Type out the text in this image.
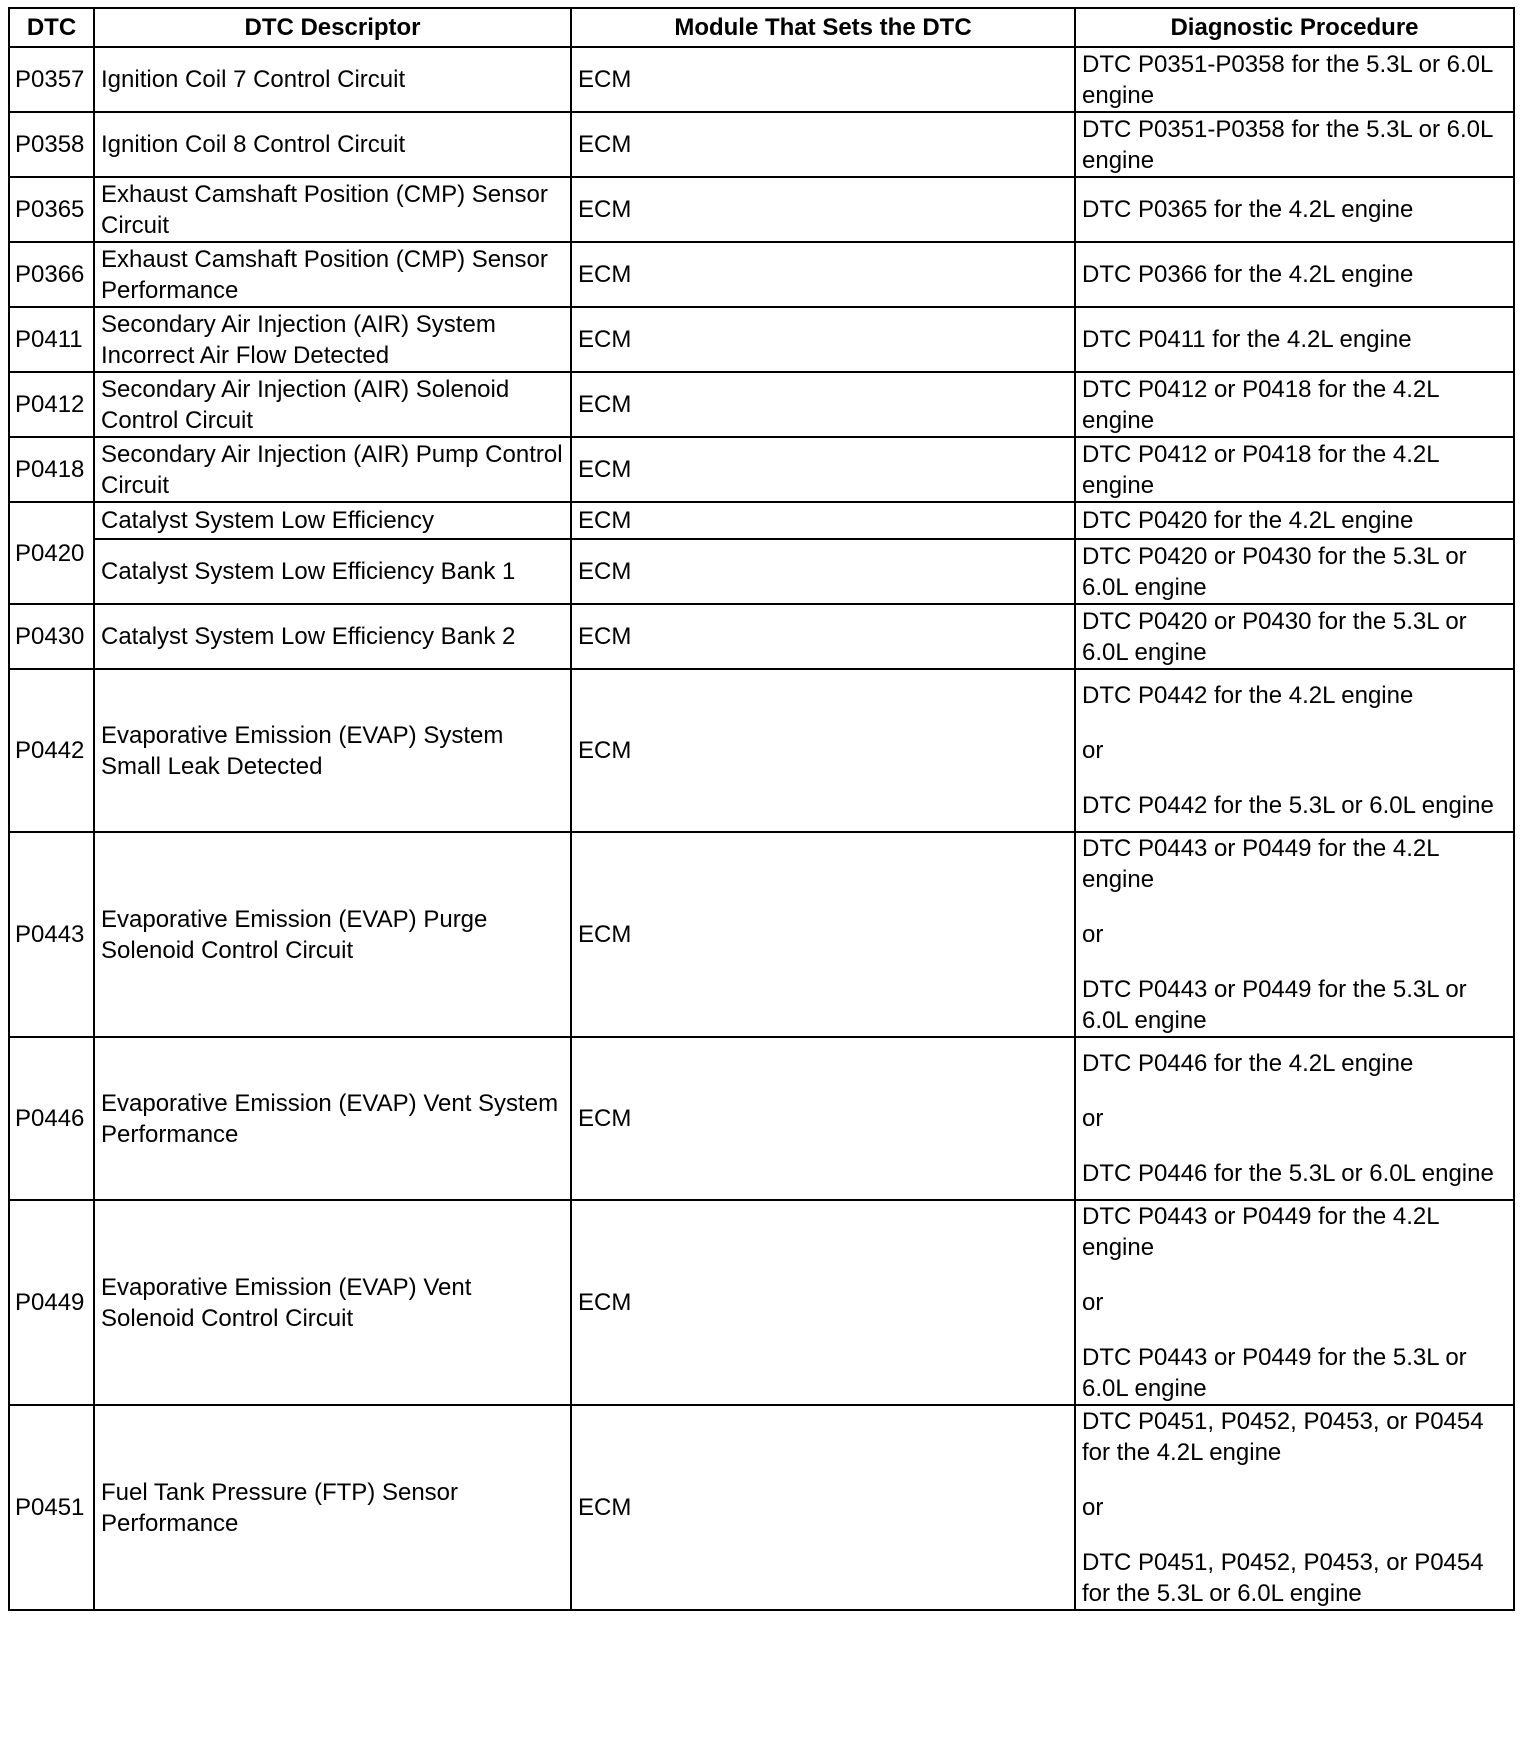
DTC	DTC Descriptor	Module That Sets the DTC	Diagnostic Procedure
P0357	Ignition Coil 7 Control Circuit	ECM	DTC P0351-P0358 for the 5.3L or 6.0L engine

P0358	Ignition Coil 8 Control Circuit	ECM	DTC P0351-P0358 for the 5.3L or 6.0L engine

P0365	Exhaust Camshaft Position (CMP) Sensor Circuit	ECM	DTC P0365 for the 4.2L engine

P0366	Exhaust Camshaft Position (CMP) Sensor Performance	ECM	DTC P0366 for the 4.2L engine

P0411	Secondary Air Injection (AIR) System Incorrect Air Flow Detected	ECM	DTC P0411 for the 4.2L engine

P0412	Secondary Air Injection (AIR) Solenoid Control Circuit	ECM	DTC P0412 or P0418 for the 4.2L engine

P0418	Secondary Air Injection (AIR) Pump Control Circuit	ECM	DTC P0412 or P0418 for the 4.2L engine

P0420	Catalyst System Low Efficiency	ECM	DTC P0420 for the 4.2L engine

	Catalyst System Low Efficiency Bank 1	ECM	DTC P0420 or P0430 for the 5.3L or 6.0L engine

P0430	Catalyst System Low Efficiency Bank 2	ECM	DTC P0420 or P0430 for the 5.3L or 6.0L engine

P0442	Evaporative Emission (EVAP) System Small Leak Detected	ECM	DTC P0442 for the 4.2L engine
or
DTC P0442 for the 5.3L or 6.0L engine

P0443	Evaporative Emission (EVAP) Purge Solenoid Control Circuit	ECM	DTC P0443 or P0449 for the 4.2L engine
or
DTC P0443 or P0449 for the 5.3L or 6.0L engine

P0446	Evaporative Emission (EVAP) Vent System Performance	ECM	DTC P0446 for the 4.2L engine
or
DTC P0446 for the 5.3L or 6.0L engine

P0449	Evaporative Emission (EVAP) Vent Solenoid Control Circuit	ECM	DTC P0443 or P0449 for the 4.2L engine
or
DTC P0443 or P0449 for the 5.3L or 6.0L engine

P0451	Fuel Tank Pressure (FTP) Sensor Performance	ECM	DTC P0451, P0452, P0453, or P0454 for the 4.2L engine
or
DTC P0451, P0452, P0453, or P0454 for the 5.3L or 6.0L engine
